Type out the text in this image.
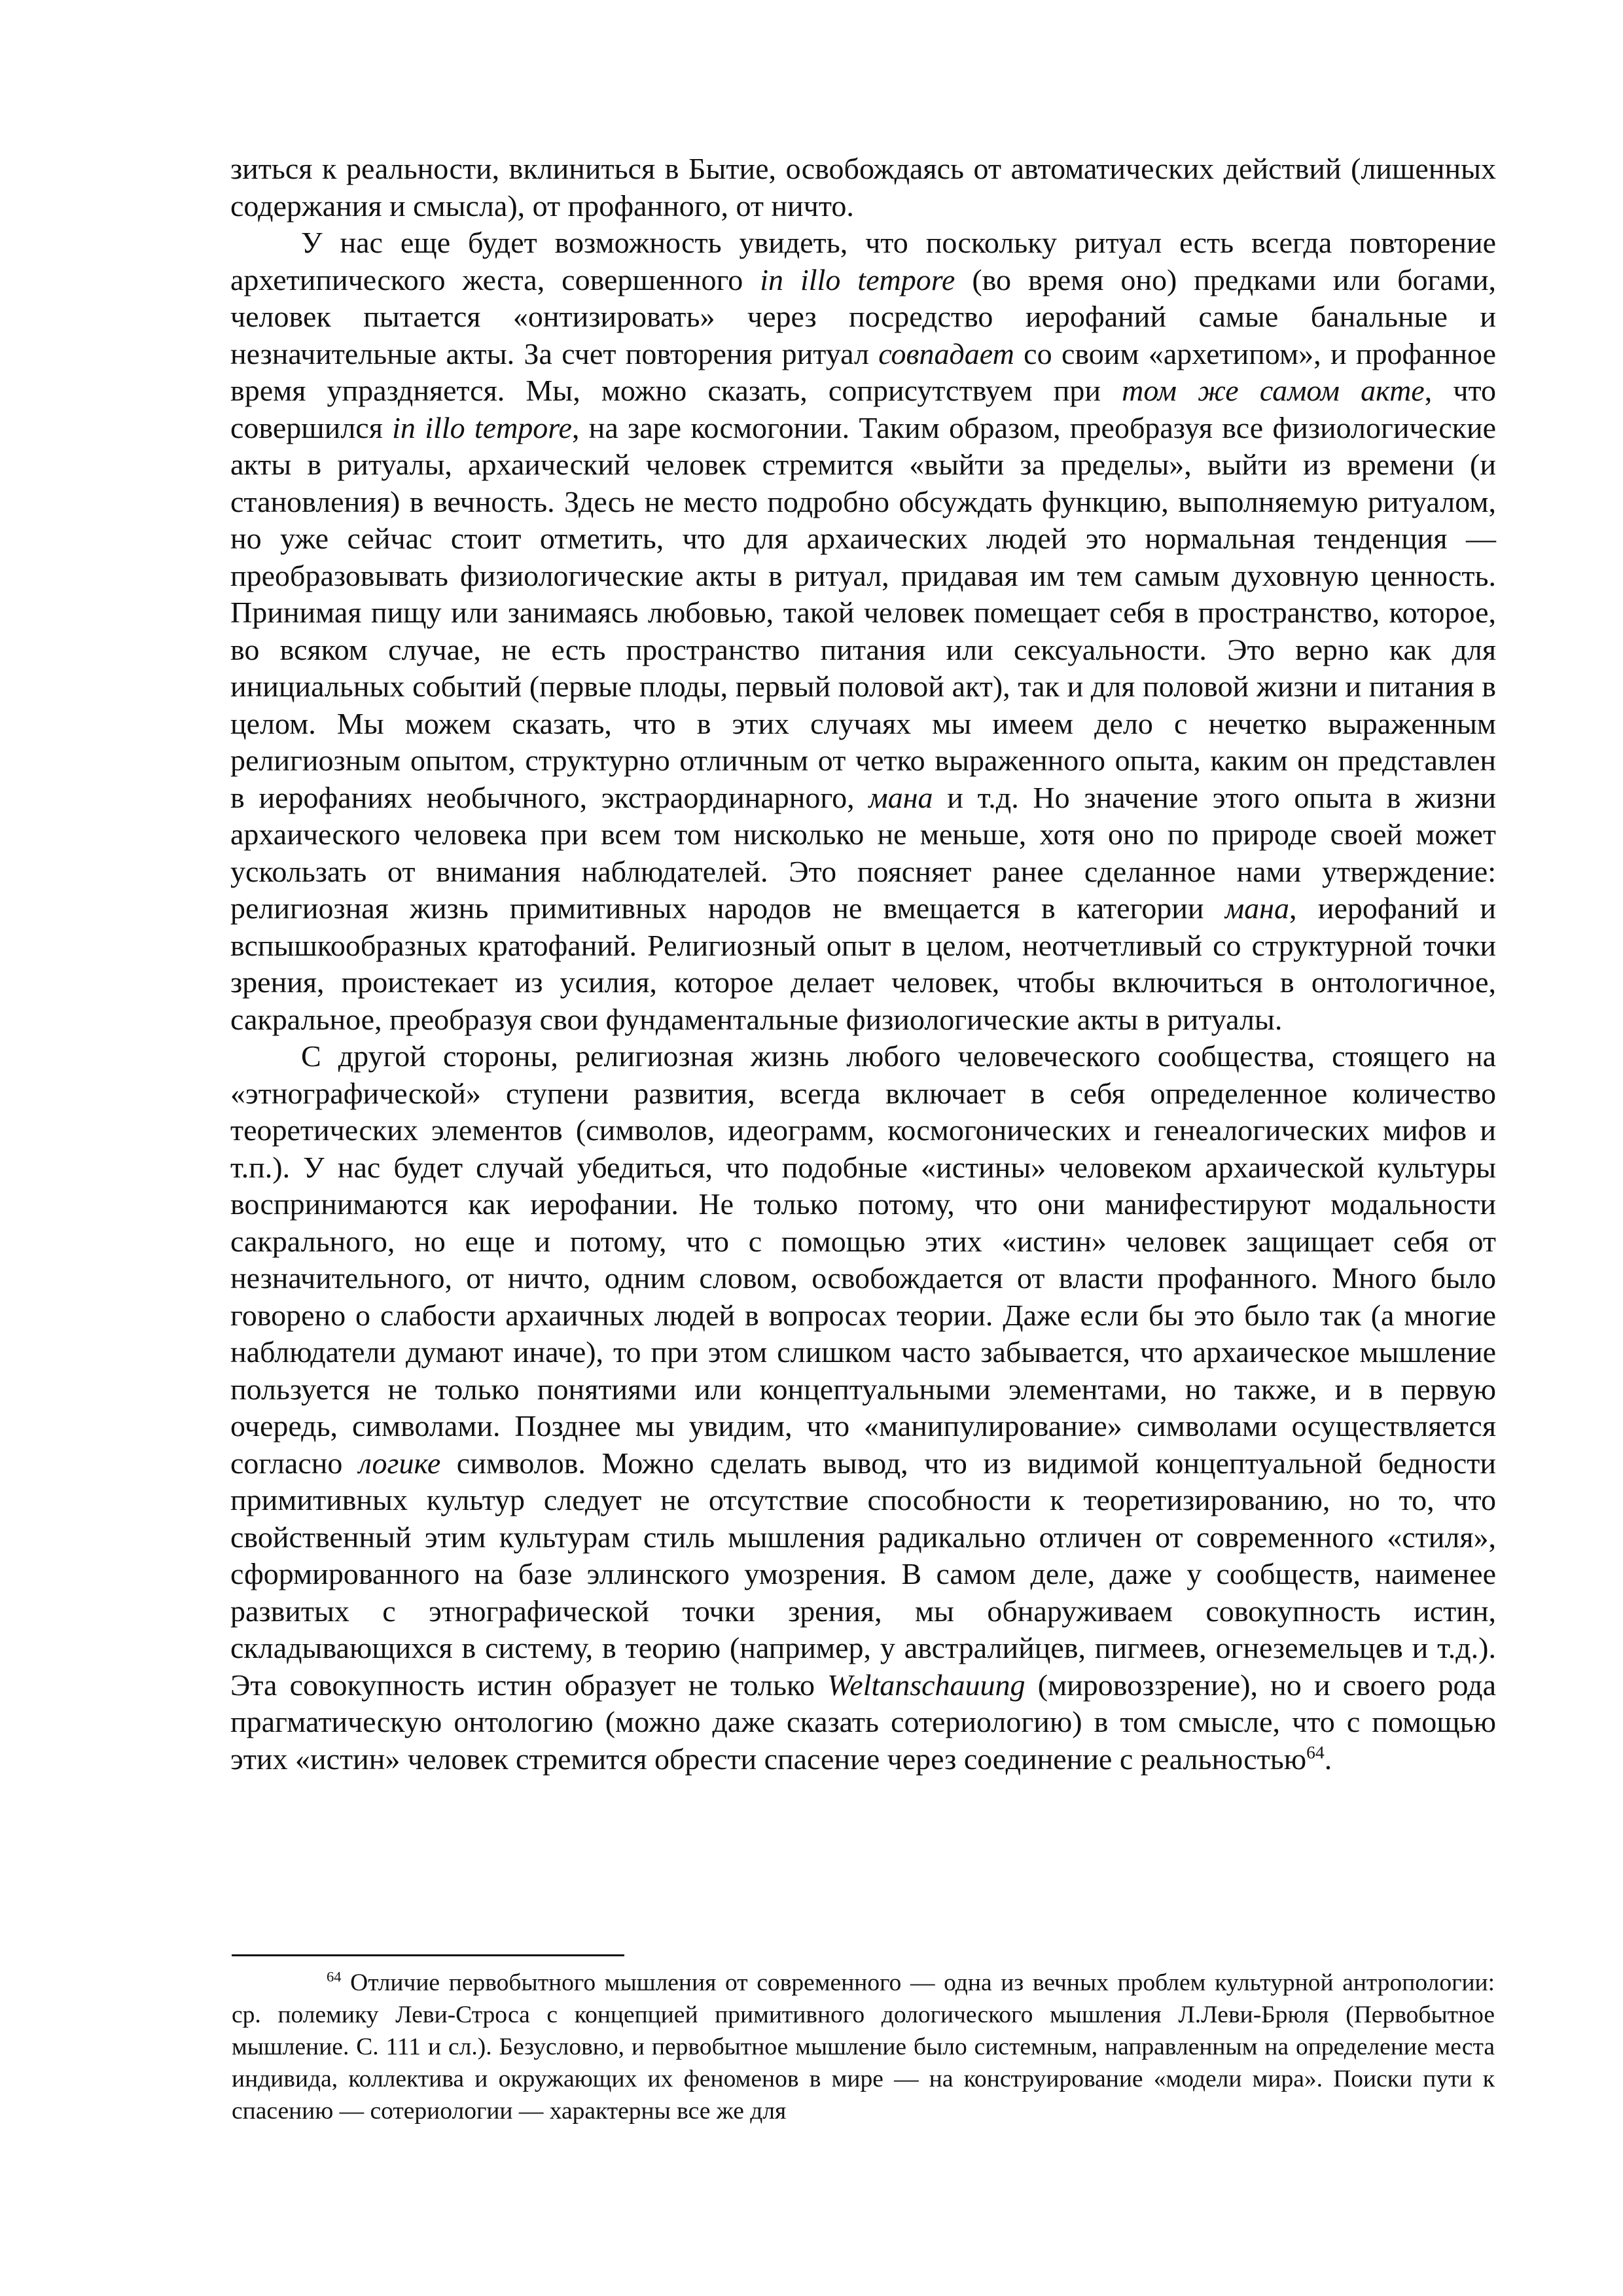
зиться к реальности, вклиниться в Бытие, освобождаясь от автоматических действий (лишенных содержания и смысла), от профанного, от ничто.

У нас еще будет возможность увидеть, что поскольку ритуал есть всегда повторение архетипического жеста, совершенного in illo tempore (во время оно) предками или богами, человек пытается «онтизировать» через посредство иерофаний самые банальные и незначительные акты. За счет повторения ритуал совпадает со своим «архетипом», и профанное время упраздняется. Мы, можно сказать, соприсутствуем при том же самом акте, что совершился in illo tempore, на заре космогонии. Таким образом, преобразуя все физиологические акты в ритуалы, архаический человек стремится «выйти за пределы», выйти из времени (и становления) в вечность. Здесь не место подробно обсуждать функцию, выполняемую ритуалом, но уже сейчас стоит отметить, что для архаических людей это нормальная тенденция — преобразовывать физиологические акты в ритуал, придавая им тем самым духовную ценность. Принимая пищу или занимаясь любовью, такой человек помещает себя в пространство, которое, во всяком случае, не есть пространство питания или сексуальности. Это верно как для инициальных событий (первые плоды, первый половой акт), так и для половой жизни и питания в целом. Мы можем сказать, что в этих случаях мы имеем дело с нечетко выраженным религиозным опытом, структурно отличным от четко выраженного опыта, каким он представлен в иерофаниях необычного, экстраординарного, мана и т.д. Но значение этого опыта в жизни архаического человека при всем том нисколько не меньше, хотя оно по природе своей может ускользать от внимания наблюдателей. Это поясняет ранее сделанное нами утверждение: религиозная жизнь примитивных народов не вмещается в категории мана, иерофаний и вспышкообразных кратофаний. Религиозный опыт в целом, неотчетливый со структурной точки зрения, проистекает из усилия, которое делает человек, чтобы включиться в онтологичное, сакральное, преобразуя свои фундаментальные физиологические акты в ритуалы.

С другой стороны, религиозная жизнь любого человеческого сообщества, стоящего на «этнографической» ступени развития, всегда включает в себя определенное количество теоретических элементов (символов, идеограмм, космогонических и генеалогических мифов и т.п.). У нас будет случай убедиться, что подобные «истины» человеком архаической культуры воспринимаются как иерофании. Не только потому, что они манифестируют модальности сакрального, но еще и потому, что с помощью этих «истин» человек защищает себя от незначительного, от ничто, одним словом, освобождается от власти профанного. Много было говорено о слабости архаичных людей в вопросах теории. Даже если бы это было так (а многие наблюдатели думают иначе), то при этом слишком часто забывается, что архаическое мышление пользуется не только понятиями или концептуальными элементами, но также, и в первую очередь, символами. Позднее мы увидим, что «манипулирование» символами осуществляется согласно логике символов. Можно сделать вывод, что из видимой концептуальной бедности примитивных культур следует не отсутствие способности к теоретизированию, но то, что свойственный этим культурам стиль мышления радикально отличен от современного «стиля», сформированного на базе эллинского умозрения. В самом деле, даже у сообществ, наименее развитых с этнографической точки зрения, мы обнаруживаем совокупность истин, складывающихся в систему, в теорию (например, у австралийцев, пигмеев, огнеземельцев и т.д.). Эта совокупность истин образует не только Weltanschauung (мировоззрение), но и своего рода прагматическую онтологию (можно даже сказать сотериологию) в том смысле, что с помощью этих «истин» человек стремится обрести спасение через соединение с реальностью$^{64}$.

$^{64}$ Отличие первобытного мышления от современного — одна из вечных проблем культурной антропологии: ср. полемику Леви-Строса с концепцией примитивного дологического мышления Л.Леви-Брюля (Первобытное мышление. С. 111 и сл.). Безусловно, и первобытное мышление было системным, направленным на определение места индивида, коллектива и окружающих их феноменов в мире — на конструирование «модели мира». Поиски пути к спасению — сотериологии — характерны все же для
